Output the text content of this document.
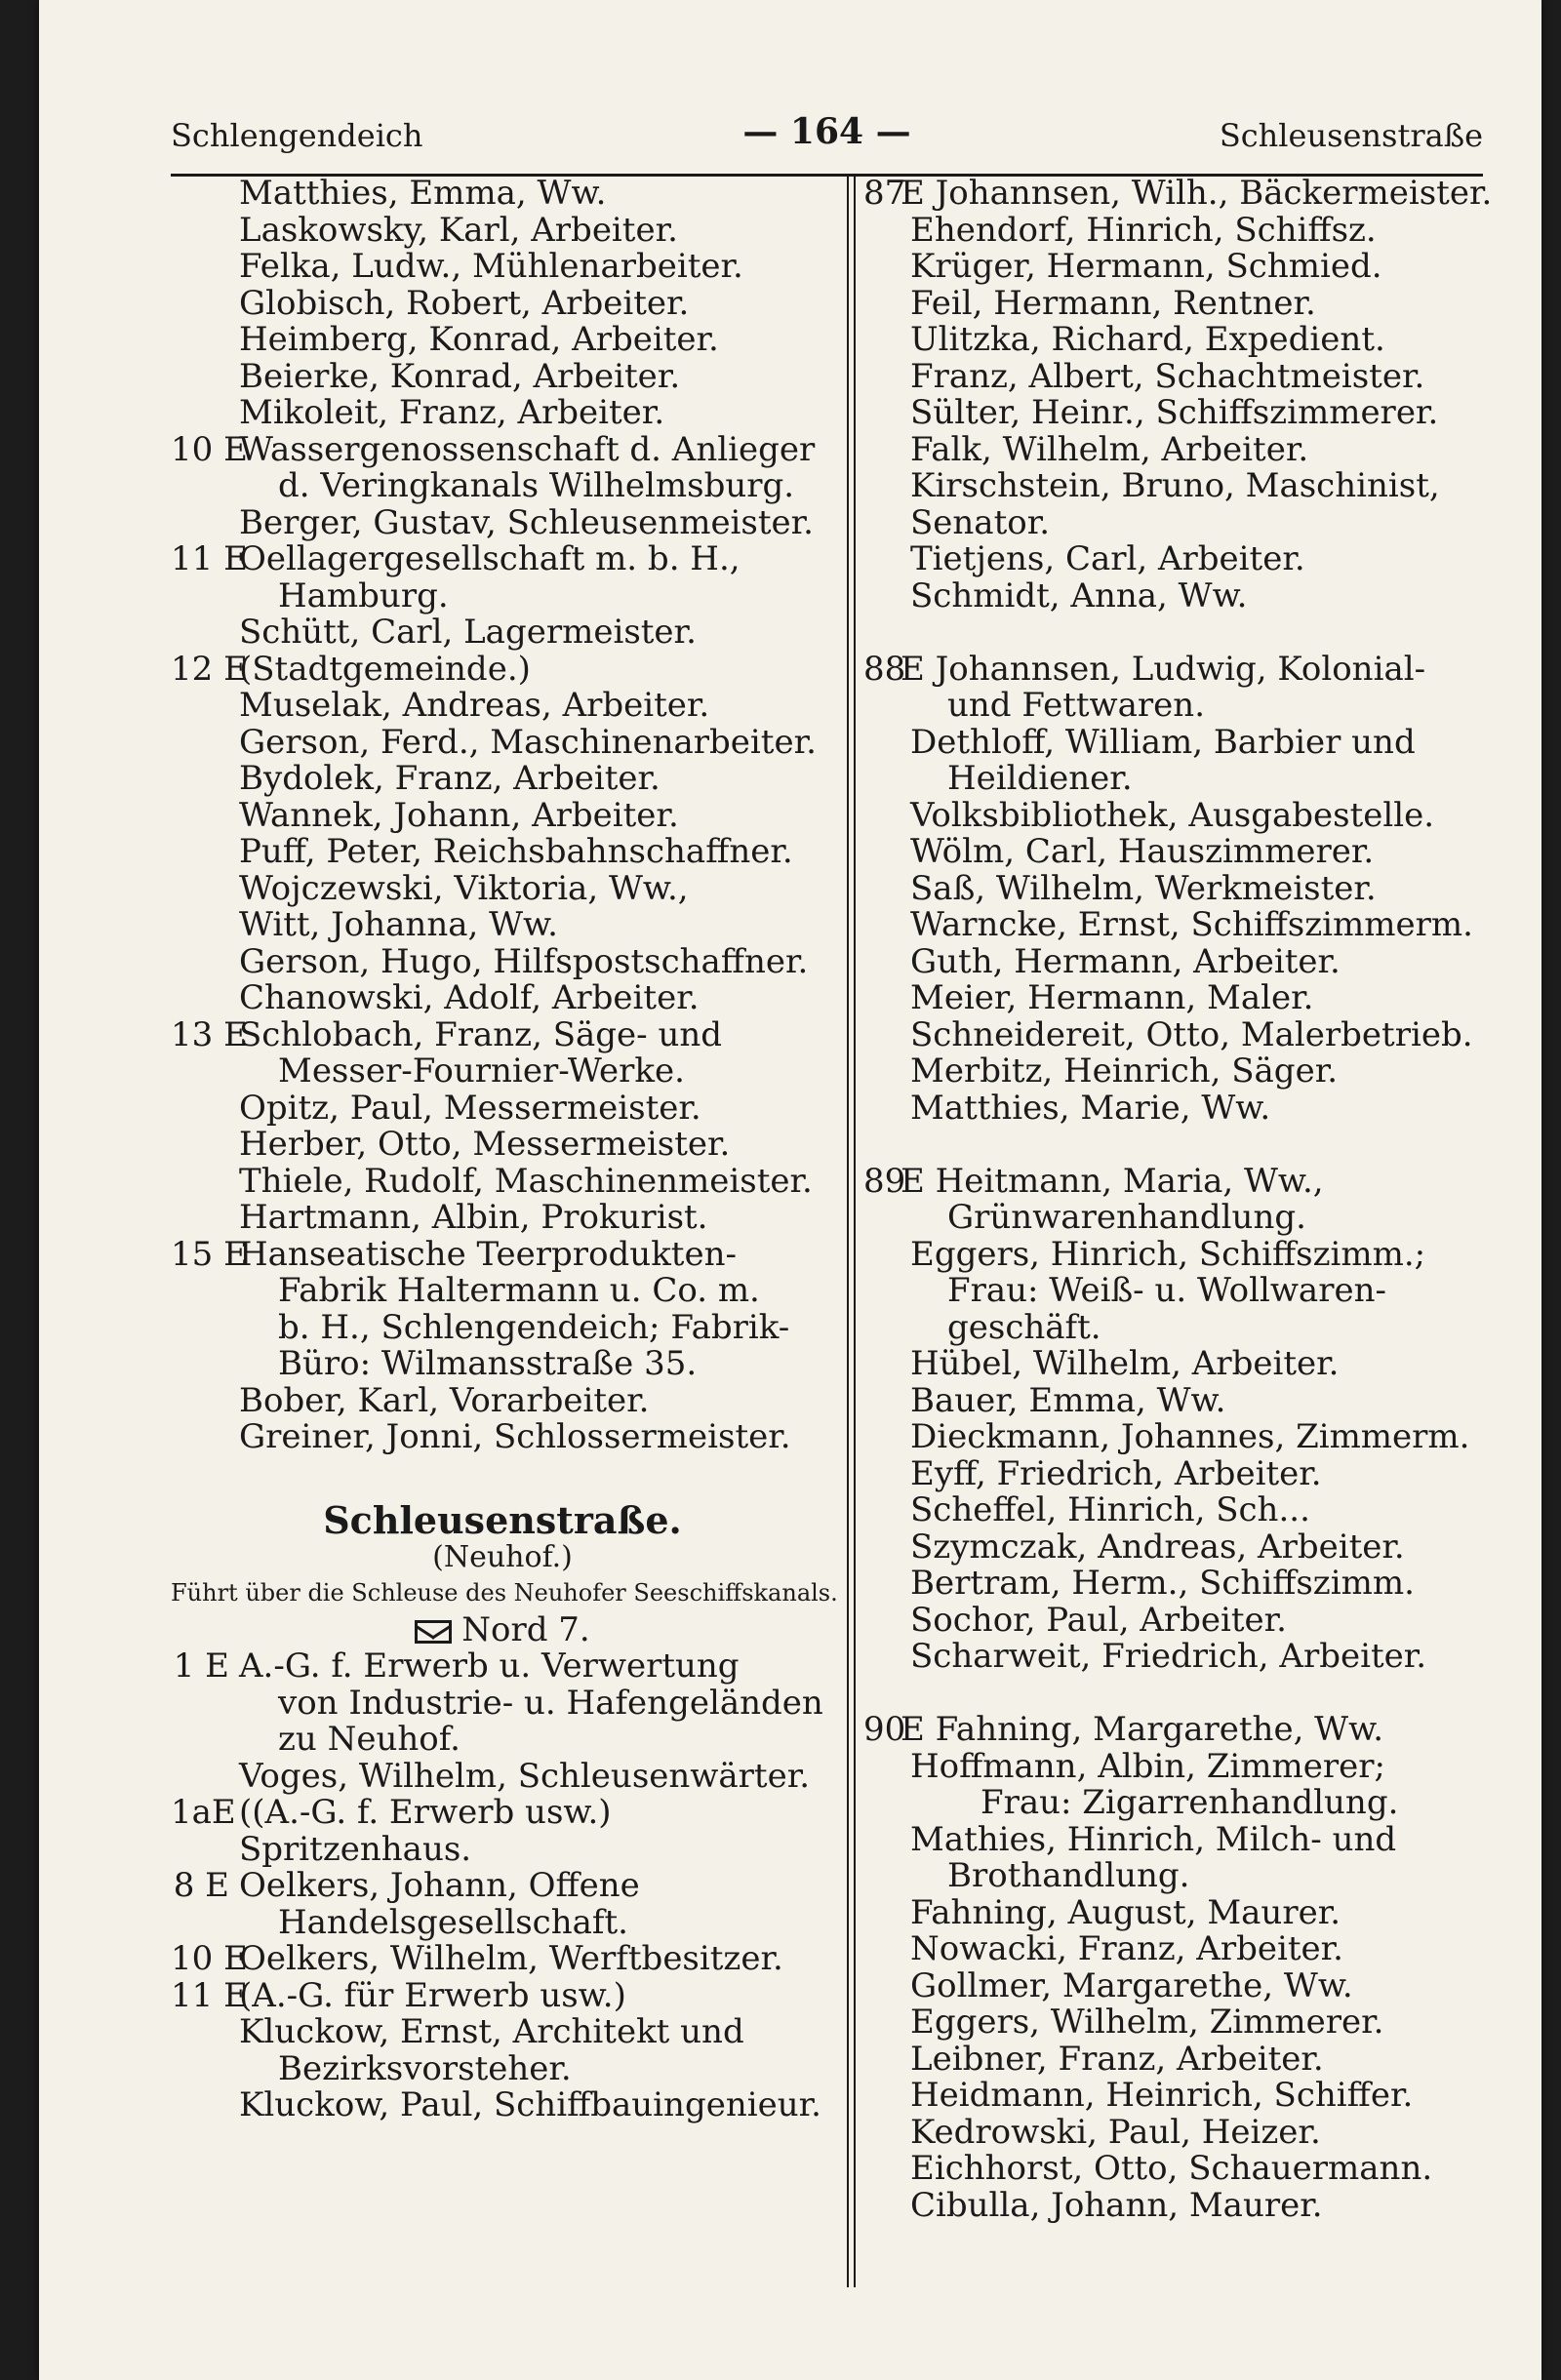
Schlengendeich	— 164 —	Schleusenstraße
Matthies, Emma, Ww.
Laskowsky, Karl, Arbeiter.
Felka, Ludw., Mühlenarbeiter.
Globisch, Robert, Arbeiter.
Heimberg, Konrad, Arbeiter.
Beierke, Konrad, Arbeiter.
Mikoleit, Franz, Arbeiter.
10 EWassergenossenschaft d. Anlieger
d. Veringkanals Wilhelmsburg.
Berger, Gustav, Schleusenmeister.
11 EOellagergesellschaft m. b. H.,
Hamburg.
Schütt, Carl, Lagermeister.
12 E(Stadtgemeinde.)
Muselak, Andreas, Arbeiter.
Gerson, Ferd., Maschinenarbeiter.
Bydolek, Franz, Arbeiter.
Wannek, Johann, Arbeiter.
Puff, Peter, Reichsbahnschaffner.
Wojczewski, Viktoria, Ww.,
Witt, Johanna, Ww.
Gerson, Hugo, Hilfspostschaffner.
Chanowski, Adolf, Arbeiter.
13 ESchlobach, Franz, Säge- und
Messer-Fournier-Werke.
Opitz, Paul, Messermeister.
Herber, Otto, Messermeister.
Thiele, Rudolf, Maschinenmeister.
Hartmann, Albin, Prokurist.
15 EHanseatische Teerprodukten-
Fabrik Haltermann u. Co. m.
b. H., Schlengendeich; Fabrik-
Büro: Wilmansstraße 35.
Bober, Karl, Vorarbeiter.
Greiner, Jonni, Schlossermeister.
Schleusenstraße.
(Neuhof.)
Führt über die Schleuse des Neuhofer Seeschiffskanals.
Nord 7.
1 E A.-G. f. Erwerb u. Verwertung
von Industrie- u. Hafengeländen
zu Neuhof.
Voges, Wilhelm, Schleusenwärter.
1aE((A.-G. f. Erwerb usw.)
Spritzenhaus.
8 E Oelkers, Johann, Offene
Handelsgesellschaft.
10 EOelkers, Wilhelm, Werftbesitzer.
11 E(A.-G. für Erwerb usw.)
Kluckow, Ernst, Architekt und
Bezirksvorsteher.
Kluckow, Paul, Schiffbauingenieur.
87E Johannsen, Wilh., Bäckermeister.
Ehendorf, Hinrich, Schiffsz.
Krüger, Hermann, Schmied.
Feil, Hermann, Rentner.
Ulitzka, Richard, Expedient.
Franz, Albert, Schachtmeister.
Sülter, Heinr., Schiffszimmerer.
Falk, Wilhelm, Arbeiter.
Kirschstein, Bruno, Maschinist,
Senator.
Tietjens, Carl, Arbeiter.
Schmidt, Anna, Ww.
88E Johannsen, Ludwig, Kolonial-
und Fettwaren.
Dethloff, William, Barbier und
Heildiener.
Volksbibliothek, Ausgabestelle.
Wölm, Carl, Hauszimmerer.
Saß, Wilhelm, Werkmeister.
Warncke, Ernst, Schiffszimmerm.
Guth, Hermann, Arbeiter.
Meier, Hermann, Maler.
Schneidereit, Otto, Malerbetrieb.
Merbitz, Heinrich, Säger.
Matthies, Marie, Ww.
89E Heitmann, Maria, Ww.,
Grünwarenhandlung.
Eggers, Hinrich, Schiffszimm.;
Frau: Weiß- u. Wollwaren-
geschäft.
Hübel, Wilhelm, Arbeiter.
Bauer, Emma, Ww.
Dieckmann, Johannes, Zimmerm.
Eyff, Friedrich, Arbeiter.
Scheffel, Hinrich, Sch...
Szymczak, Andreas, Arbeiter.
Bertram, Herm., Schiffszimm.
Sochor, Paul, Arbeiter.
Scharweit, Friedrich, Arbeiter.
90E Fahning, Margarethe, Ww.
Hoffmann, Albin, Zimmerer;
Frau: Zigarrenhandlung.
Mathies, Hinrich, Milch- und
Brothandlung.
Fahning, August, Maurer.
Nowacki, Franz, Arbeiter.
Gollmer, Margarethe, Ww.
Eggers, Wilhelm, Zimmerer.
Leibner, Franz, Arbeiter.
Heidmann, Heinrich, Schiffer.
Kedrowski, Paul, Heizer.
Eichhorst, Otto, Schauermann.
Cibulla, Johann, Maurer.
